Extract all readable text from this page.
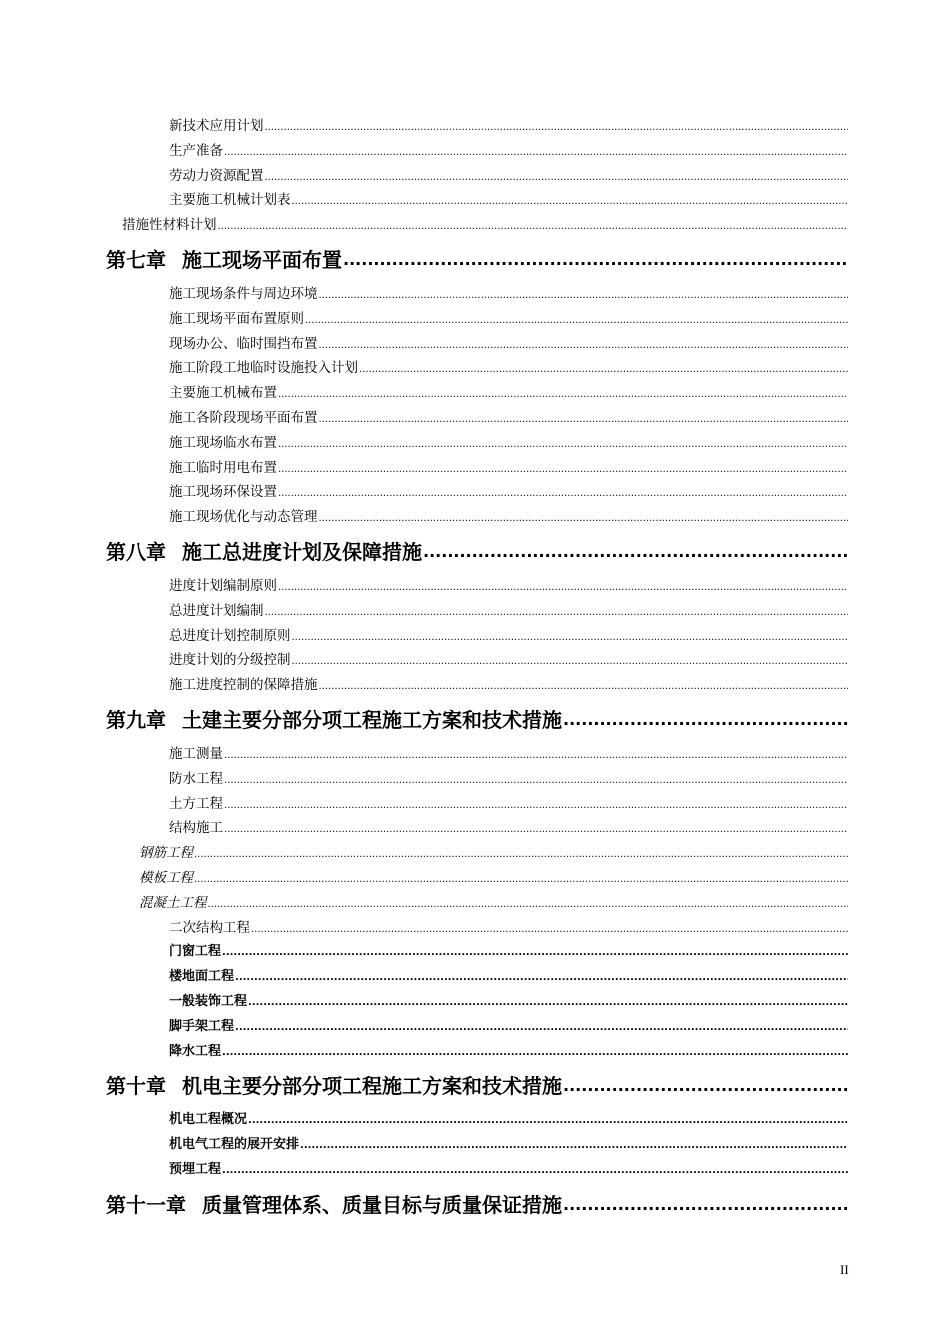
新技术应用计划
.....
生产准备
.....
劳动力资源配置
.....
主要施工机械计划表
.....
措施性材料计划
.....
第七章 施工现场平面布置
.....
施工现场条件与周边环境
.....
施工现场平面布置原则
.....
现场办公、临时围挡布置
.....
施工阶段工地临时设施投入计划
.....
主要施工机械布置
.....
施工各阶段现场平面布置
.....
施工现场临水布置
.....
施工临时用电布置
.....
施工现场环保设置
.....
施工现场优化与动态管理
.....
第八章 施工总进度计划及保障措施
.....
进度计划编制原则
.....
总进度计划编制
.....
总进度计划控制原则
.....
进度计划的分级控制
.....
施工进度控制的保障措施
.....
第九章 土建主要分部分项工程施工方案和技术措施
.....
施工测量
.....
防水工程
.....
土方工程
.....
结构施工
.....
钢筋工程
.....
模板工程
.....
混凝土工程
.....
二次结构工程
.....
门窗工程
.....
楼地面工程
.....
一般装饰工程
.....
脚手架工程
.....
降水工程
.....
第十章 机电主要分部分项工程施工方案和技术措施
.....
机电工程概况
.....
机电气工程的展开安排
.....
预埋工程
.....
第十一章 质量管理体系、质量目标与质量保证措施
.....
II
